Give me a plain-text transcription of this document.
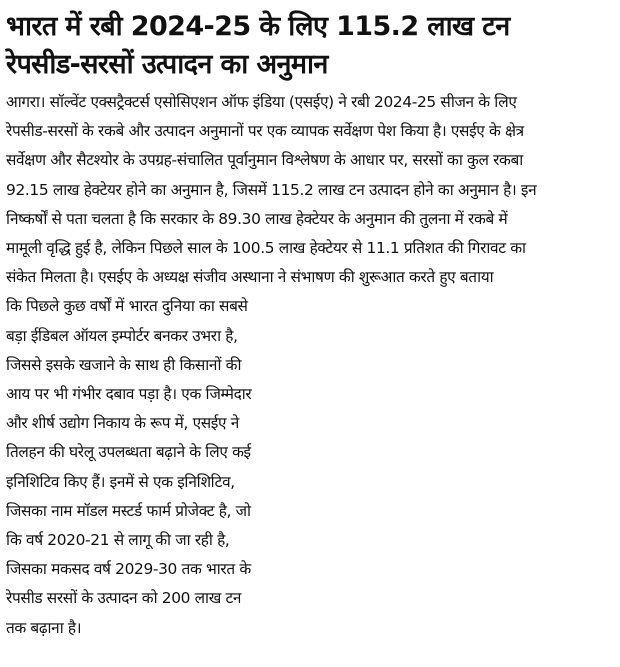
भारत में रबी 2024-25 के लिए 115.2 लाख टन
रेपसीड-सरसों उत्पादन का अनुमान

आगरा। सॉल्वेंट एक्सट्रैक्टर्स एसोसिएशन ऑफ इंडिया (एसईए) ने रबी 2024-25 सीजन के लिए
रेपसीड-सरसों के रकबे और उत्पादन अनुमानों पर एक व्यापक सर्वेक्षण पेश किया है। एसईए के क्षेत्र
सर्वेक्षण और सैटश्योर के उपग्रह-संचालित पूर्वानुमान विश्लेषण के आधार पर, सरसों का कुल रकबा
92.15 लाख हेक्टेयर होने का अनुमान है, जिसमें 115.2 लाख टन उत्पादन होने का अनुमान है। इन
निष्कर्षों से पता चलता है कि सरकार के 89.30 लाख हेक्टेयर के अनुमान की तुलना में रकबे में
मामूली वृद्धि हुई है, लेकिन पिछले साल के 100.5 लाख हेक्टेयर से 11.1 प्रतिशत की गिरावट का
संकेत मिलता है। एसईए के अध्यक्ष संजीव अस्थाना ने संभाषण की शुरूआत करते हुए बताया

कि पिछले कुछ वर्षों में भारत दुनिया का सबसे
बड़ा ईडिबल ऑयल इम्पोर्टर बनकर उभरा है,
जिससे इसके खजाने के साथ ही किसानों की
आय पर भी गंभीर दबाव पड़ा है। एक जिम्मेदार
और शीर्ष उद्योग निकाय के रूप में, एसईए ने
तिलहन की घरेलू उपलब्धता बढ़ाने के लिए कई
इनिशिटिव किए हैं। इनमें से एक इनिशिटिव,
जिसका नाम मॉडल मस्टर्ड फार्म प्रोजेक्ट है, जो
कि वर्ष 2020-21 से लागू की जा रही है,
जिसका मकसद वर्ष 2029-30 तक भारत के
रेपसीड सरसों के उत्पादन को 200 लाख टन
तक बढ़ाना है।
